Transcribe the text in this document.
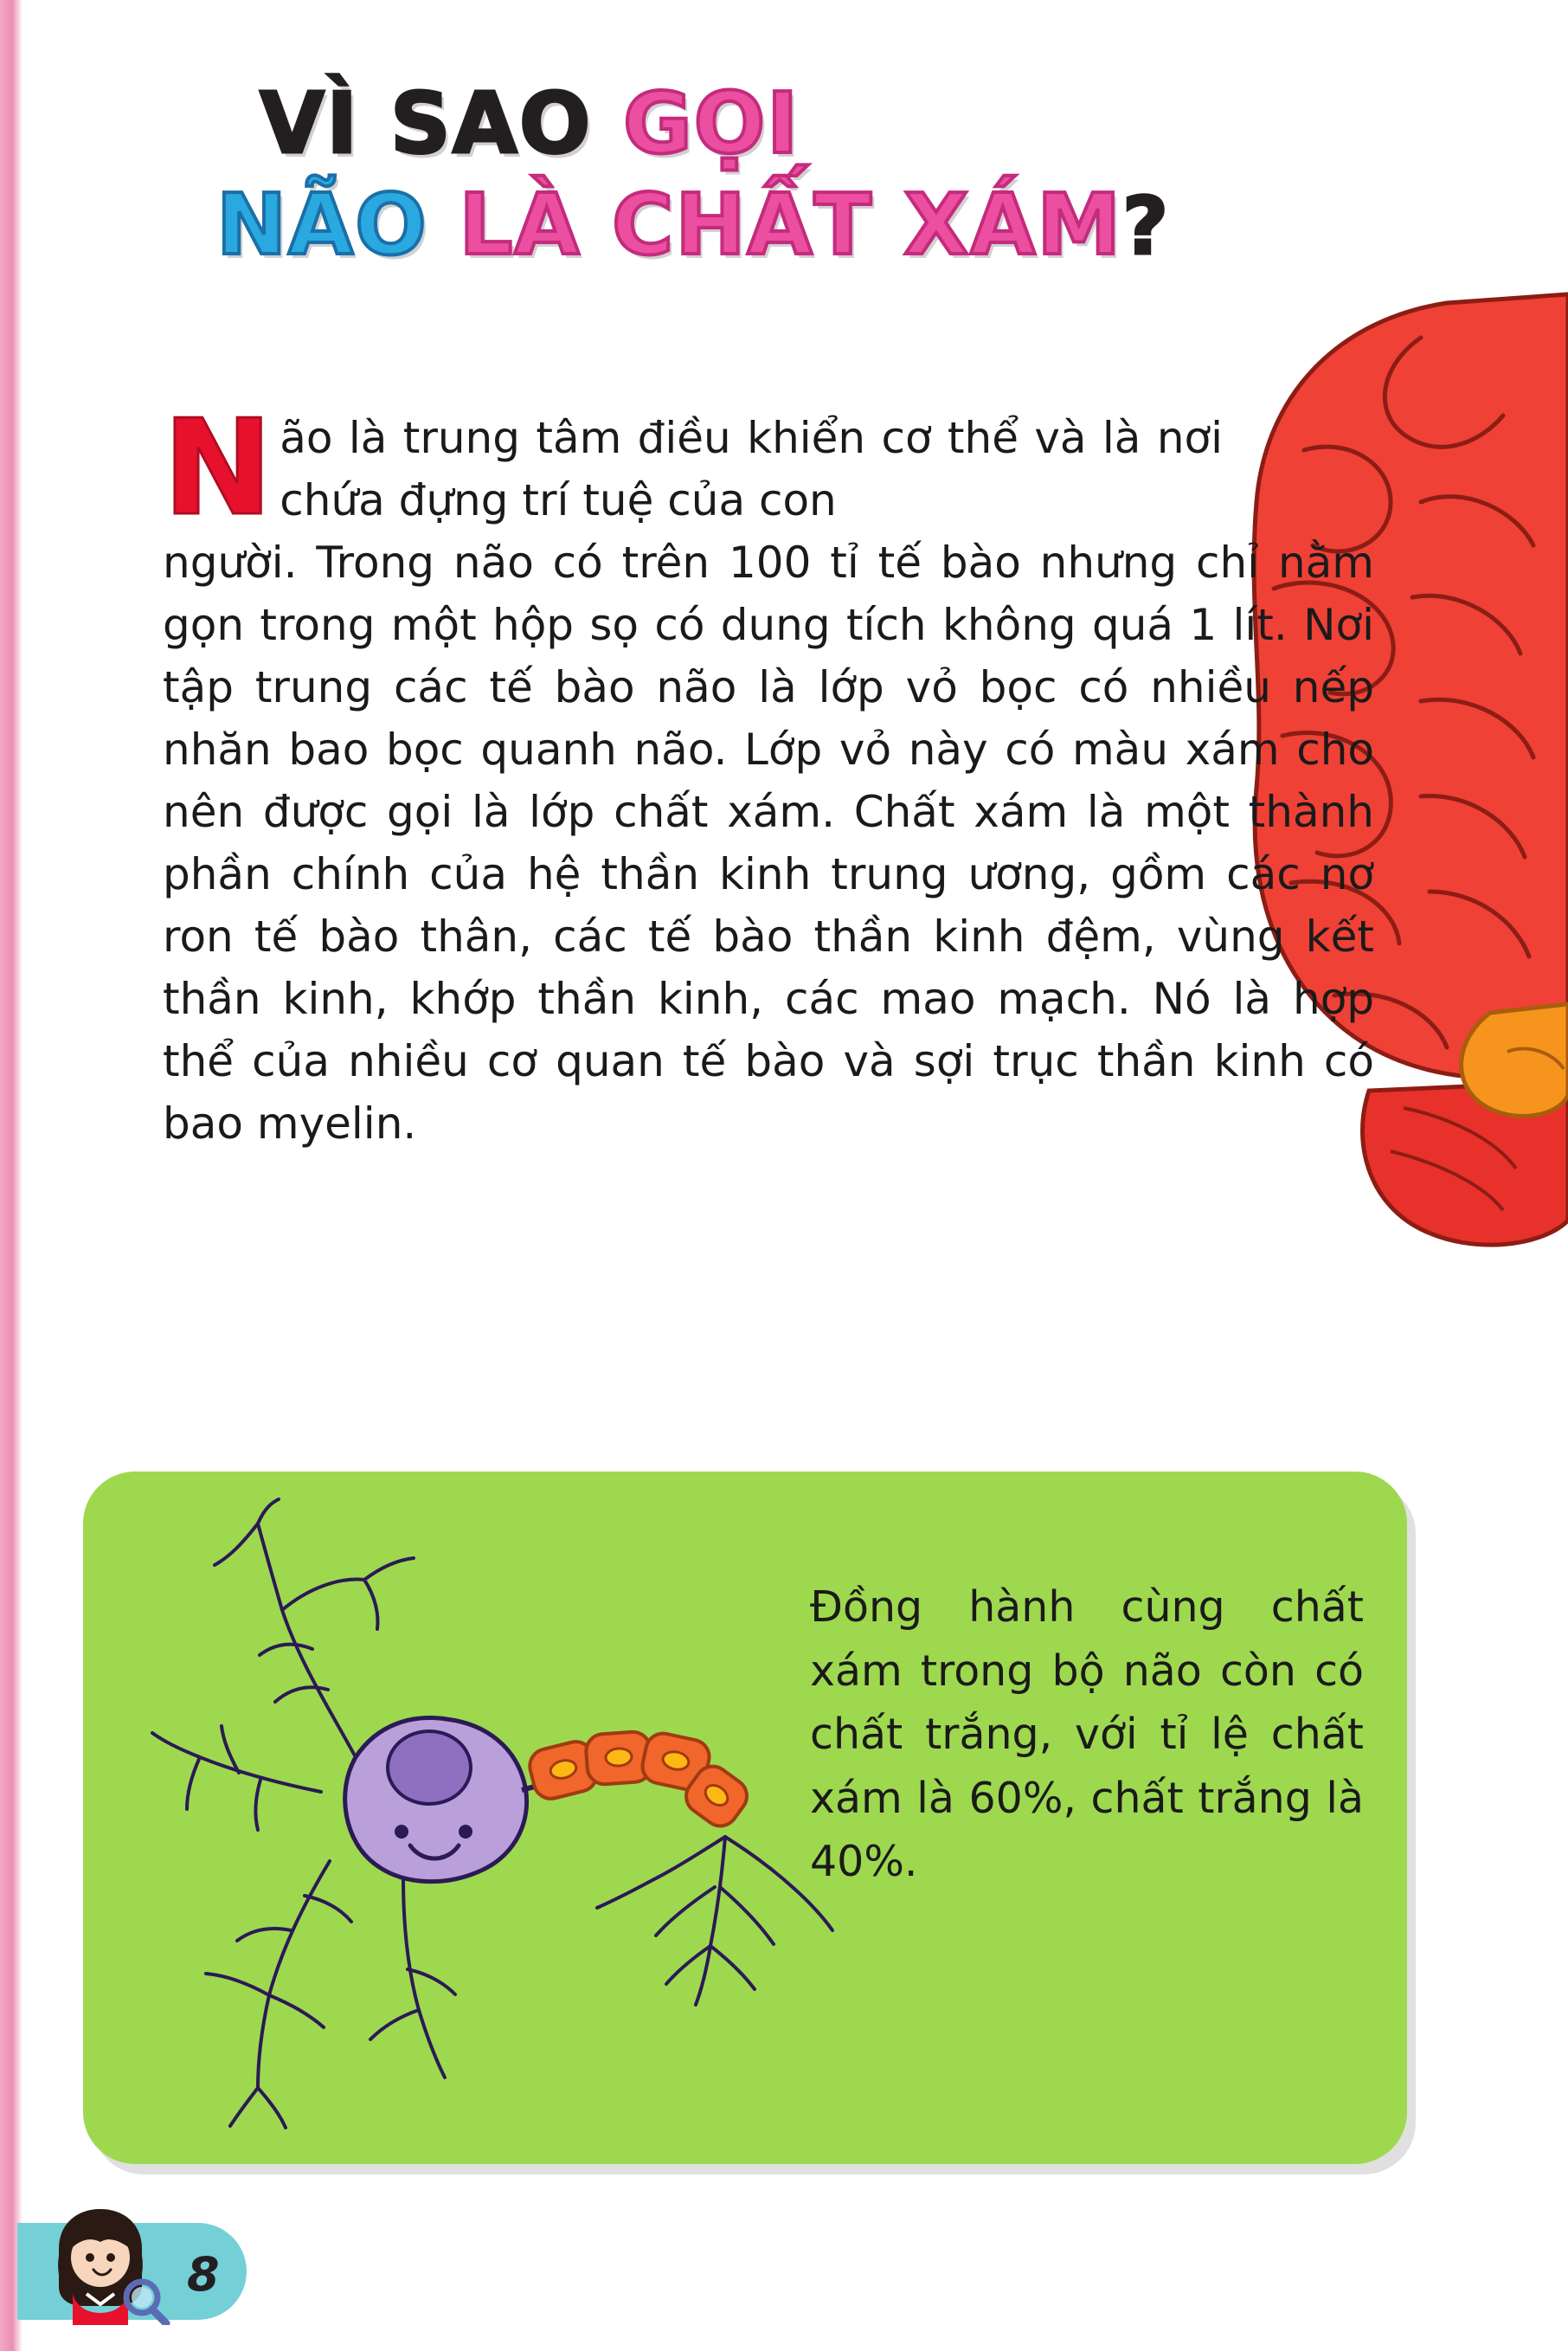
VÌ SAO GỌI
NÃO LÀ CHẤT XÁM?

Não là trung tâm điều khiển cơ thể và là nơi chứa đựng trí tuệ của con

người. Trong não có trên 100 tỉ tế bào nhưng chỉ nằm gọn trong một hộp sọ có dung tích không quá 1 lít. Nơi tập trung các tế bào não là lớp vỏ bọc có nhiều nếp nhăn bao bọc quanh não. Lớp vỏ này có màu xám cho nên được gọi là lớp chất xám. Chất xám là một thành phần chính của hệ thần kinh trung ương, gồm các nơ ron tế bào thân, các tế bào thần kinh đệm, vùng kết thần kinh, khớp thần kinh, các mao mạch. Nó là hợp thể của nhiều cơ quan tế bào và sợi trục thần kinh có bao myelin.

Đồng hành cùng chất xám trong bộ não còn có chất trắng, với tỉ lệ chất xám là 60%, chất trắng là 40%.
8
